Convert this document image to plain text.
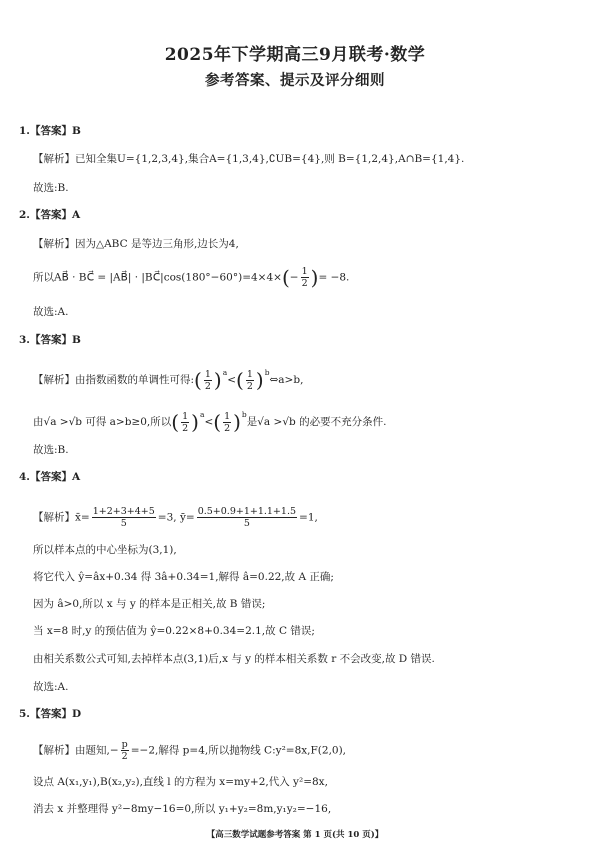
2025年下学期高三9月联考·数学
参考答案、提示及评分细则
1.【答案】B
【解析】已知全集U={1,2,3,4},集合A={1,3,4},∁UB={4},则 B={1,2,4},A∩B={1,4}.
故选:B.
2.【答案】A
【解析】因为△ABC 是等边三角形,边长为4,
所以AB⃗ · BC⃗ = |AB⃗| · |BC⃗|cos(180°−60°)=4×4×(− $\frac{1}{2}$ )= −8.
故选:A.
3.【答案】B
【解析】由指数函数的单调性可得:( $\frac{1}{2} )^a<( \frac{1}{2}$ )$^b\Leftrightarrow a>b$,
由√a >√b 可得 a>b≥0,所以( $\frac{1}{2} )^a<( \frac{1}{2} )^b$是√a >√b 的必要不充分条件.
故选:B.
4.【答案】A
【解析】x̄= $\frac{1+2+3+4+5}{5} =3$, ȳ= $\frac{0.5+0.9+1+1.1+1.5}{5} =1$,
所以样本点的中心坐标为(3,1),
将它代入 ŷ=âx+0.34 得 3â+0.34=1,解得 â=0.22,故 A 正确;
因为 â>0,所以 x 与 y 的样本是正相关,故 B 错误;
当 x=8 时,y 的预估值为 ŷ=0.22×8+0.34=2.1,故 C 错误;
由相关系数公式可知,去掉样本点(3,1)后,x 与 y 的样本相关系数 r 不会改变,故 D 错误.
故选:A.
5.【答案】D
【解析】由题知,− $\frac{p}{2} =-2$,解得 p=4,所以抛物线 C:y²=8x,F(2,0),
设点 A(x₁,y₁),B(x₂,y₂),直线 l 的方程为 x=my+2,代入 y²=8x,
消去 x 并整理得 y²−8my−16=0,所以 y₁+y₂=8m,y₁y₂=−16,
【高三数学试题参考答案 第 1 页(共 10 页)】
